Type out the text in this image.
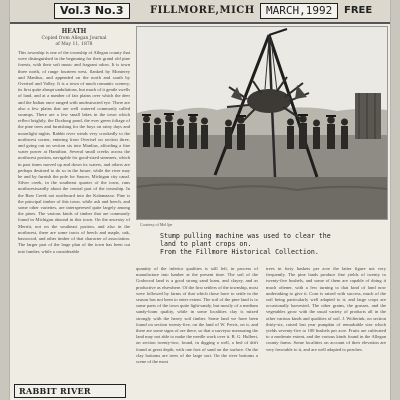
Vol.3 No.3	FILLMORE,MICH	MARCH,1992	FREE
HEATH
Copied from Allegan Journal
of May 11, 1878
This township is one of the township of Allegan county that were distinguished in the beginning for their grand old pine forests, with their soft music and fragrant odors. It is town three north, of range fourteen west, flanked by Monterey and Manlius, and appended on the north and south by Overisel and Valley. It is a town of much romantic scenery, its first quite abrupt undulations, but much of it gentle swells of land, and at a number of fair plains over which the deer and the Indian once ranged with unobstructed eye. There are also a few plains that are well watered commonly called swamps. There are a few small lakes in the town which reflect brightly, the Doxborg pond, the ever green foliage of the pine trees and furnishing for the boys on rainy days and moonlight nights. Rabbit river winds very crookedly to the northwest corner, entering from Overisel on section three, and going out on section six into Manlius, affording a fine water power at Hamilton. Several small creeks across the northwest portion, navigable for good-sized steamers, which in past times moved up and down its waters, and others are perhaps destined to do so in the future, while the river may be and by furnish the pole for Saucer, Michigan city canal. Silver creek, in the southeast quarter of the town, runs northwestwardly about the central part of the township. In the Bear Creek not northward into the Kalamazoo. Pine is the principal timber of this town, while ash and beech, and some other varieties, are intersperesed quite largely among the pines. The various kinds of timber that are commonly found in Michigan abound in this town. On the ancestry of Merritt, not on the southeast portion, and also in the northwest, there are some tracts of beech and maple, oak, basswood, and other timber of that character of association. The larger part of the large plan of the town has been cut into lumber, while a considerable
Courtesy of Mel Ipe
Stump pulling machine was used to clear the
land to plant crops on.
From the Fillmore Historical Collection.
quantity of the inferior qualities is still left, in process of manufacture into lumber at the present time. The soil of the Godwood land is a good strong sand loam, and clayey, and as productive as elsewhere. Of the first settlers of the township, most were followed by farms of that which those have to settle in the season has not been to enter extent. The soil of the pine land is to some parts of the town quite light-sandy, but mostly of a medium sandy-loam quality, while in some localities clay is mixed strongly with the heavy soil timber. Some land we have been found on section twenty-five, on the land of W. Ferris, on it, and there are some signs of ore there, so that a surveyor measuring the land may not able to make the needle work over it. R. G. Hulbert, on section twenty-two, found, in digging a well, a bed of drift found at great depth, with one foot of sand on the surface. On the clay bottoms are trees of the large sort. On the river bottoms a scene of the most
trees in forty baskets per acre the latter figure not very frequently. The pine lands produce fine yields of twenty to twenty-five bushels, and some of them are capable of doing it much oftener, with a few turning to that kind of land now undertaking to give it. Corn is raised with success, much of the soil being particularly well adapted to it, and large crops are occasionally harvested. The other grains, the grasses, and the vegetables grow with the usual variety of products all in the other various kinds and qualities of soil. J. Wolterink, on section thirty-six, raised last year pumpkin of remarkable size which yields seventy-five to 100 bushels per acre. Fruits are cultivated to a moderate extent, and the various kinds found in the Allegan county farms. Some localities on account of their elevation are very favorable to it, and are well adapted to peaches.
RABBIT RIVER
